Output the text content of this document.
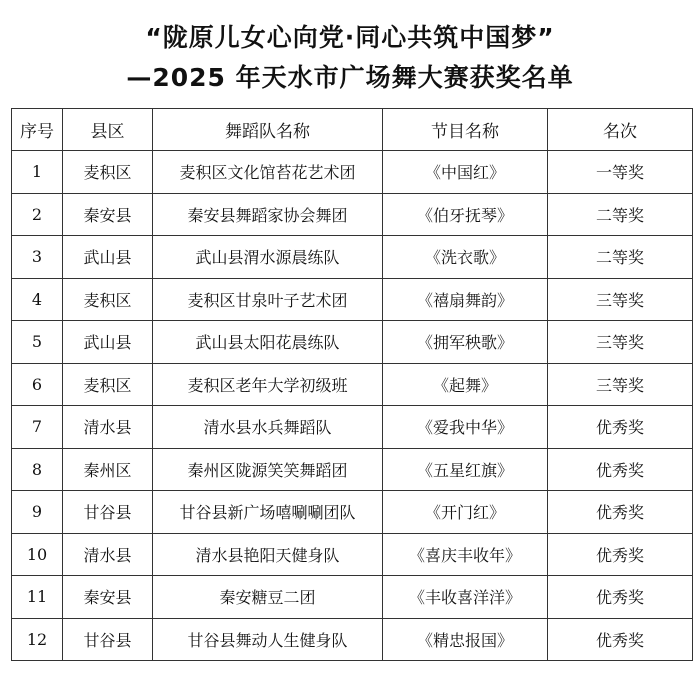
“陇原儿女心向党·同心共筑中国梦”
—2025 年天水市广场舞大赛获奖名单
序号	县区	舞蹈队名称	节目名称	名次
1	麦积区	麦积区文化馆苔花艺术团	《中国红》	一等奖
2	秦安县	秦安县舞蹈家协会舞团	《伯牙抚琴》	二等奖
3	武山县	武山县渭水源晨练队	《洗衣歌》	二等奖
4	麦积区	麦积区甘泉叶子艺术团	《禧扇舞韵》	三等奖
5	武山县	武山县太阳花晨练队	《拥军秧歌》	三等奖
6	麦积区	麦积区老年大学初级班	《起舞》	三等奖
7	清水县	清水县水兵舞蹈队	《爱我中华》	优秀奖
8	秦州区	秦州区陇源笑笑舞蹈团	《五星红旗》	优秀奖
9	甘谷县	甘谷县新广场嘻唰唰团队	《开门红》	优秀奖
10	清水县	清水县艳阳天健身队	《喜庆丰收年》	优秀奖
11	秦安县	秦安糖豆二团	《丰收喜洋洋》	优秀奖
12	甘谷县	甘谷县舞动人生健身队	《精忠报国》	优秀奖
